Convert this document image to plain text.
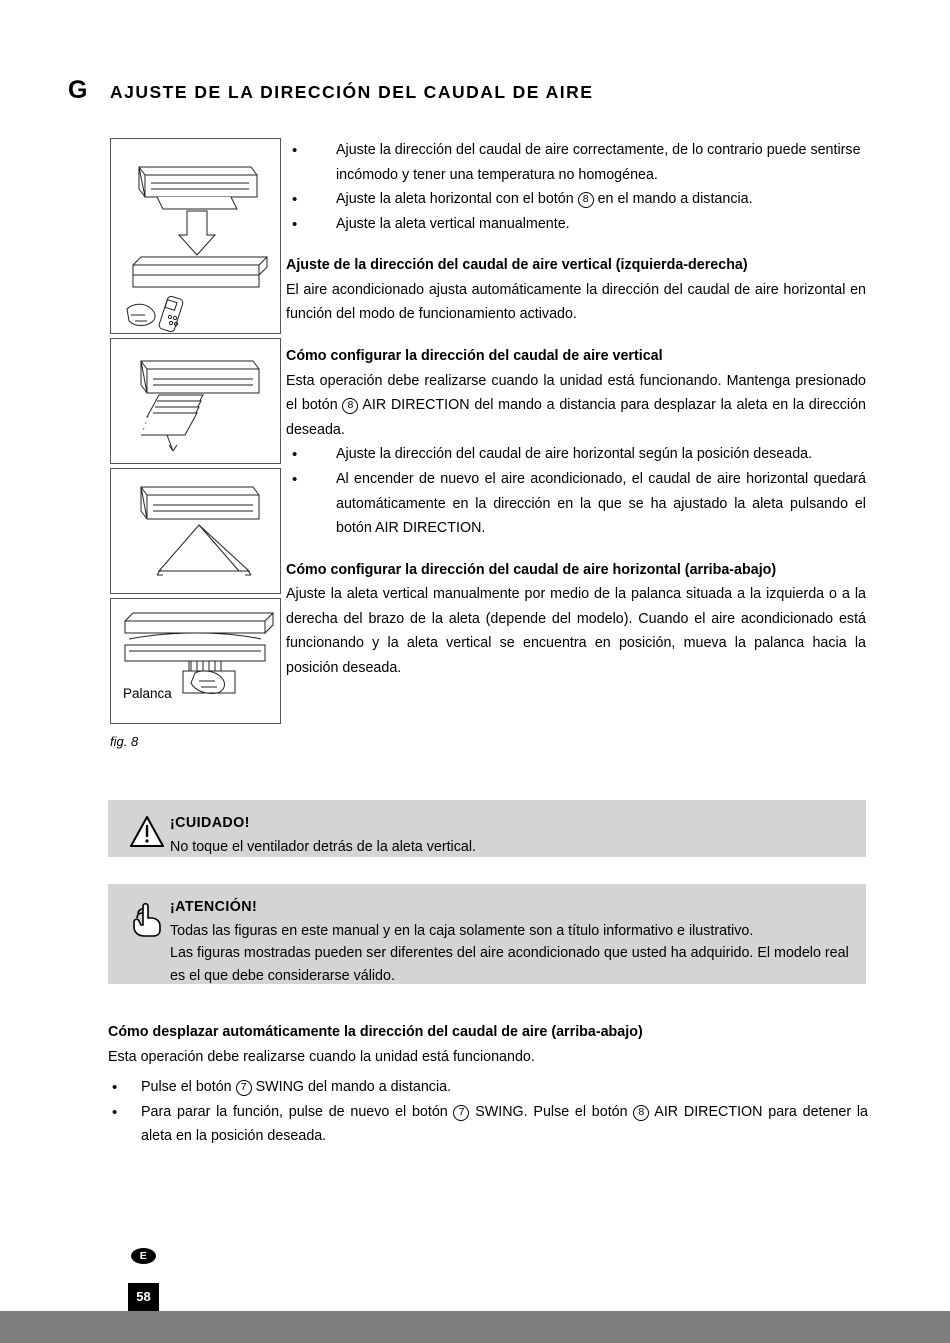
G AJUSTE DE LA DIRECCIÓN DEL CAUDAL DE AIRE
Palanca
fig. 8
• Ajuste la dirección del caudal de aire correctamente, de lo contrario puede sentirse incómodo y tener una temperatura no homogénea.
• Ajuste la aleta horizontal con el botón 8 en el mando a distancia.
• Ajuste la aleta vertical manualmente.
Ajuste de la dirección del caudal de aire vertical (izquierda-derecha)
El aire acondicionado ajusta automáticamente la dirección del caudal de aire horizontal en función del modo de funcionamiento activado.
Cómo configurar la dirección del caudal de aire vertical
Esta operación debe realizarse cuando la unidad está funcionando. Mantenga presionado el botón 8 AIR DIRECTION del mando a distancia para desplazar la aleta en la dirección deseada.
• Ajuste la dirección del caudal de aire horizontal según la posición deseada.
• Al encender de nuevo el aire acondicionado, el caudal de aire horizontal quedará automáticamente en la dirección en la que se ha ajustado la aleta pulsando el botón AIR DIRECTION.
Cómo configurar la dirección del caudal de aire horizontal (arriba-abajo)
Ajuste la aleta vertical manualmente por medio de la palanca situada a la izquierda o a la derecha del brazo de la aleta (depende del modelo). Cuando el aire acondicionado está funcionando y la aleta vertical se encuentra en posición, mueva la palanca hacia la posición deseada.
¡CUIDADO!
No toque el ventilador detrás de la aleta vertical.
¡ATENCIÓN!
Todas las figuras en este manual y en la caja solamente son a título informativo e ilustrativo.
Las figuras mostradas pueden ser diferentes del aire acondicionado que usted ha adquirido. El modelo real es el que debe considerarse válido.
Cómo desplazar automáticamente la dirección del caudal de aire (arriba-abajo)
Esta operación debe realizarse cuando la unidad está funcionando.
• Pulse el botón 7 SWING del mando a distancia.
• Para parar la función, pulse de nuevo el botón 7 SWING. Pulse el botón 8 AIR DIRECTION para detener la aleta en la posición deseada.
E
58
